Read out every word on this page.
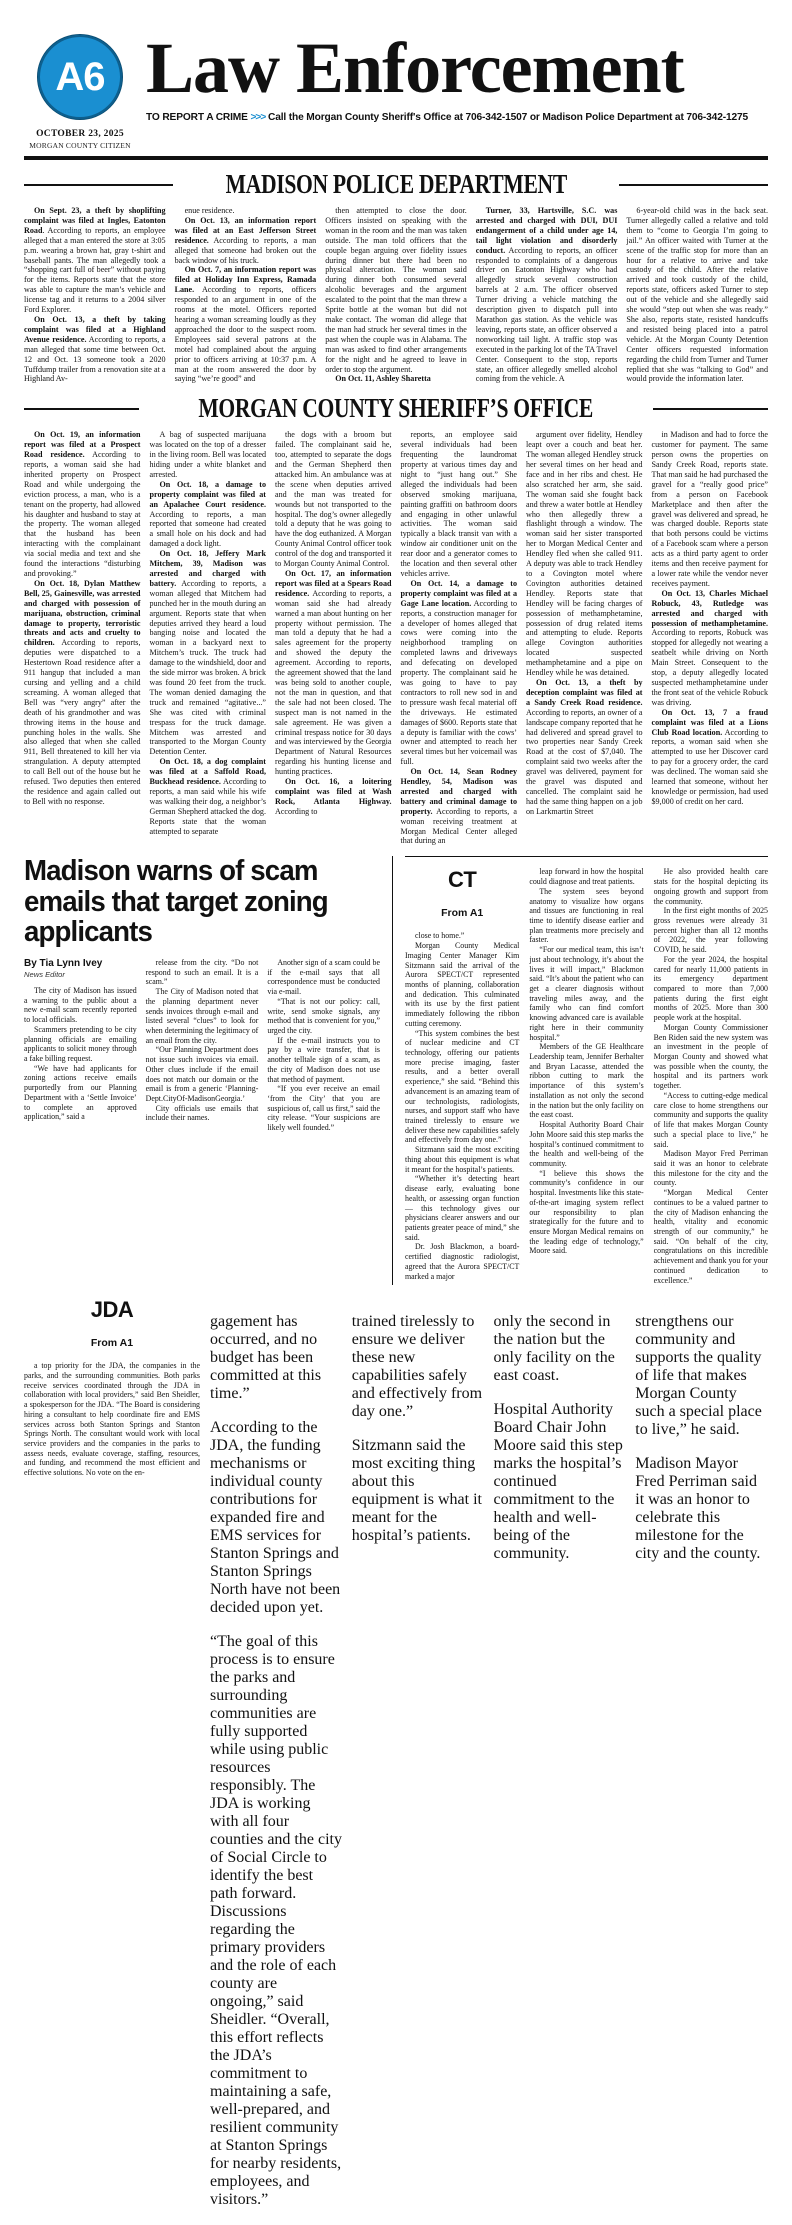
A6
OCTOBER 23, 2025
MORGAN COUNTY CITIZEN
Law Enforcement
TO REPORT A CRIME >>> Call the Morgan County Sheriff's Office at 706-342-1507 or Madison Police Department at 706-342-1275
MADISON POLICE DEPARTMENT

On Sept. 23, a theft by shoplifting complaint was filed at Ingles, Eatonton Road. According to reports, an employee alleged that a man entered the store at 3:05 p.m. wearing a brown hat, gray t-shirt and baseball pants. The man allegedly took a “shopping cart full of beer” without paying for the items. Reports state that the store was able to capture the man’s vehicle and license tag and it returns to a 2004 silver Ford Explorer.

On Oct. 13, a theft by taking complaint was filed at a Highland Avenue residence. According to reports, a man alleged that some time between Oct. 12 and Oct. 13 someone took a 2020 Tuffdump trailer from a renovation site at a Highland Av-

enue residence.

On Oct. 13, an information report was filed at an East Jefferson Street residence. According to reports, a man alleged that someone had broken out the back window of his truck.

On Oct. 7, an information report was filed at Holiday Inn Express, Ramada Lane. According to reports, officers responded to an argument in one of the rooms at the motel. Officers reported hearing a woman screaming loudly as they approached the door to the suspect room. Employees said several patrons at the motel had complained about the arguing prior to officers arriving at 10:37 p.m. A man at the room answered the door by saying “we’re good” and

then attempted to close the door. Officers insisted on speaking with the woman in the room and the man was taken outside. The man told officers that the couple began arguing over fidelity issues during dinner but there had been no physical altercation. The woman said during dinner both consumed several alcoholic beverages and the argument escalated to the point that the man threw a Sprite bottle at the woman but did not make contact. The woman did allege that the man had struck her several times in the past when the couple was in Alabama. The man was asked to find other arrangements for the night and he agreed to leave in order to stop the argument.

On Oct. 11, Ashley Sharetta

Turner, 33, Hartsville, S.C. was arrested and charged with DUI, DUI endangerment of a child under age 14, tail light violation and disorderly conduct. According to reports, an officer responded to complaints of a dangerous driver on Eatonton Highway who had allegedly struck several construction barrels at 2 a.m. The officer observed Turner driving a vehicle matching the description given to dispatch pull into Marathon gas station. As the vehicle was leaving, reports state, an officer observed a nonworking tail light. A traffic stop was executed in the parking lot of the TA Travel Center. Consequent to the stop, reports state, an officer allegedly smelled alcohol coming from the vehicle. A

6-year-old child was in the back seat. Turner allegedly called a relative and told them to “come to Georgia I’m going to jail.” An officer waited with Turner at the scene of the traffic stop for more than an hour for a relative to arrive and take custody of the child. After the relative arrived and took custody of the child, reports state, officers asked Turner to step out of the vehicle and she allegedly said she would “step out when she was ready.” She also, reports state, resisted handcuffs and resisted being placed into a patrol vehicle. At the Morgan County Detention Center officers requested information regarding the child from Turner and Turner replied that she was “talking to God” and would provide the information later.

MORGAN COUNTY SHERIFF’S OFFICE

On Oct. 19, an information report was filed at a Prospect Road residence. According to reports, a woman said she had inherited property on Prospect Road and while undergoing the eviction process, a man, who is a tenant on the property, had allowed his daughter and husband to stay at the property. The woman alleged that the husband has been interacting with the complainant via social media and text and she found the interactions “disturbing and provoking.”

On Oct. 18, Dylan Matthew Bell, 25, Gainesville, was arrested and charged with possession of marijuana, obstruction, criminal damage to property, terroristic threats and acts and cruelty to children. According to reports, deputies were dispatched to a Hestertown Road residence after a 911 hangup that included a man cursing and yelling and a child screaming. A woman alleged that Bell was “very angry” after the death of his grandmother and was throwing items in the house and punching holes in the walls. She also alleged that when she called 911, Bell threatened to kill her via strangulation. A deputy attempted to call Bell out of the house but he refused. Two deputies then entered the residence and again called out to Bell with no response.

A bag of suspected marijuana was located on the top of a dresser in the living room. Bell was located hiding under a white blanket and arrested.

On Oct. 18, a damage to property complaint was filed at an Apalachee Court residence. According to reports, a man reported that someone had created a small hole on his dock and had damaged a dock light.

On Oct. 18, Jeffery Mark Mitchem, 39, Madison was arrested and charged with battery. According to reports, a woman alleged that Mitchem had punched her in the mouth during an argument. Reports state that when deputies arrived they heard a loud banging noise and located the woman in a backyard next to Mitchem’s truck. The truck had damage to the windshield, door and the side mirror was broken. A brick was found 20 feet from the truck. The woman denied damaging the truck and remained “agitative...” She was cited with criminal trespass for the truck damage. Mitchem was arrested and transported to the Morgan County Detention Center.

On Oct. 18, a dog complaint was filed at a Saffold Road, Buckhead residence. According to reports, a man said while his wife was walking their dog, a neighbor’s German Shepherd attacked the dog. Reports state that the woman attempted to separate

the dogs with a broom but failed. The complainant said he, too, attempted to separate the dogs and the German Shepherd then attacked him. An ambulance was at the scene when deputies arrived and the man was treated for wounds but not transported to the hospital. The dog’s owner allegedly told a deputy that he was going to have the dog euthanized. A Morgan County Animal Control officer took control of the dog and transported it to Morgan County Animal Control.

On Oct. 17, an information report was filed at a Spears Road residence. According to reports, a woman said she had already warned a man about hunting on her property without permission. The man told a deputy that he had a sales agreement for the property and showed the deputy the agreement. According to reports, the agreement showed that the land was being sold to another couple, not the man in question, and that the sale had not been closed. The suspect man is not named in the sale agreement. He was given a criminal trespass notice for 30 days and was interviewed by the Georgia Department of Natural Resources regarding his hunting license and hunting practices.

On Oct. 16, a loitering complaint was filed at Wash Rock, Atlanta Highway. According to

reports, an employee said several individuals had been frequenting the laundromat property at various times day and night to “just hang out.” She alleged the individuals had been observed smoking marijuana, painting graffiti on bathroom doors and engaging in other unlawful activities. The woman said typically a black transit van with a window air conditioner unit on the rear door and a generator comes to the location and then several other vehicles arrive.

On Oct. 14, a damage to property complaint was filed at a Gage Lane location. According to reports, a construction manager for a developer of homes alleged that cows were coming into the neighborhood trampling on completed lawns and driveways and defecating on developed property. The complainant said he was going to have to pay contractors to roll new sod in and to pressure wash fecal material off the driveways. He estimated damages of $600. Reports state that a deputy is familiar with the cows’ owner and attempted to reach her several times but her voicemail was full.

On Oct. 14, Sean Rodney Hendley, 54, Madison was arrested and charged with battery and criminal damage to property. According to reports, a woman receiving treatment at Morgan Medical Center alleged that during an

argument over fidelity, Hendley leapt over a couch and beat her. The woman alleged Hendley struck her several times on her head and face and in her ribs and chest. He also scratched her arm, she said. The woman said she fought back and threw a water bottle at Hendley who then allegedly threw a flashlight through a window. The woman said her sister transported her to Morgan Medical Center and Hendley fled when she called 911. A deputy was able to track Hendley to a Covington motel where Covington authorities detained Hendley. Reports state that Hendley will be facing charges of possession of methamphetamine, possession of drug related items and attempting to elude. Reports allege Covington authorities located suspected methamphetamine and a pipe on Hendley while he was detained.

On Oct. 13, a theft by deception complaint was filed at a Sandy Creek Road residence. According to reports, an owner of a landscape company reported that he had delivered and spread gravel to two properties near Sandy Creek Road at the cost of $7,040. The complaint said two weeks after the gravel was delivered, payment for the gravel was disputed and cancelled. The complaint said he had the same thing happen on a job on Larkmartin Street

in Madison and had to force the customer for payment. The same person owns the properties on Sandy Creek Road, reports state. That man said he had purchased the gravel for a “really good price” from a person on Facebook Marketplace and then after the gravel was delivered and spread, he was charged double. Reports state that both persons could be victims of a Facebook scam where a person acts as a third party agent to order items and then receive payment for a lower rate while the vendor never receives payment.

On Oct. 13, Charles Michael Robuck, 43, Rutledge was arrested and charged with possession of methamphetamine. According to reports, Robuck was stopped for allegedly not wearing a seatbelt while driving on North Main Street. Consequent to the stop, a deputy allegedly located suspected methamphetamine under the front seat of the vehicle Robuck was driving.

On Oct. 13, 7 a fraud complaint was filed at a Lions Club Road location. According to reports, a woman said when she attempted to use her Discover card to pay for a grocery order, the card was declined. The woman said she learned that someone, without her knowledge or permission, had used $9,000 of credit on her card.

Madison warns of scam emails that target zoning applicants
By Tia Lynn Ivey
News Editor

The city of Madison has issued a warning to the public about a new e-mail scam recently reported to local officials.

Scammers pretending to be city planning officials are emailing applicants to solicit money through a fake billing request.

“We have had applicants for zoning actions receive emails purportedly from our Planning Department with a ‘Settle Invoice’ to complete an approved application,” said a

release from the city. “Do not respond to such an email. It is a scam.”

The City of Madison noted that the planning department never sends invoices through e-mail and listed several “clues” to look for when determining the legitimacy of an email from the city.

“Our Planning Department does not issue such invoices via email. Other clues include if the email does not match our domain or the email is from a generic ‘Planning-Dept.CityOf-MadisonGeorgia.’

City officials use emails that include their names.

Another sign of a scam could be if the e-mail says that all correspondence must be conducted via e-mail.

“That is not our policy: call, write, send smoke signals, any method that is convenient for you,” urged the city.

If the e-mail instructs you to pay by a wire transfer, that is another telltale sign of a scam, as the city of Madison does not use that method of payment.

“If you ever receive an email ‘from the City’ that you are suspicious of, call us first,” said the city release. “Your suspicions are likely well founded.”

CT
From A1

close to home.”

Morgan County Medical Imaging Center Manager Kim Sitzmann said the arrival of the Aurora SPECT/CT represented months of planning, collaboration and dedication. This culminated with its use by the first patient immediately following the ribbon cutting ceremony.

“This system combines the best of nuclear medicine and CT technology, offering our patients more precise imaging, faster results, and a better overall experience,” she said. “Behind this advancement is an amazing team of our technologists, radiologists, nurses, and support staff who have trained tirelessly to ensure we deliver these new capabilities safely and effectively from day one.”

Sitzmann said the most exciting thing about this equipment is what it meant for the hospital’s patients.

“Whether it’s detecting heart disease early, evaluating bone health, or assessing organ function — this technology gives our physicians clearer answers and our patients greater peace of mind,” she said.

Dr. Josh Blackmon, a board-certified diagnostic radiologist, agreed that the Aurora SPECT/CT marked a major

leap forward in how the hospital could diagnose and treat patients.

The system sees beyond anatomy to visualize how organs and tissues are functioning in real time to identify disease earlier and plan treatments more precisely and faster.

“For our medical team, this isn’t just about technology, it’s about the lives it will impact,” Blackmon said. “It’s about the patient who can get a clearer diagnosis without traveling miles away, and the family who can find comfort knowing advanced care is available right here in their community hospital.”

Members of the GE Healthcare Leadership team, Jennifer Berhalter and Bryan Lacasse, attended the ribbon cutting to mark the importance of this system’s installation as not only the second in the nation but the only facility on the east coast.

Hospital Authority Board Chair John Moore said this step marks the hospital’s continued commitment to the health and well-being of the community.

“I believe this shows the community’s confidence in our hospital. Investments like this state-of-the-art imaging system reflect our responsibility to plan strategically for the future and to ensure Morgan Medical remains on the leading edge of technology,” Moore said.

He also provided health care stats for the hospital depicting its ongoing growth and support from the community.

In the first eight months of 2025 gross revenues were already 31 percent higher than all 12 months of 2022, the year following COVID, he said.

For the year 2024, the hospital cared for nearly 11,000 patients in its emergency department compared to more than 7,000 patients during the first eight months of 2025. More than 300 people work at the hospital.

Morgan County Commissioner Ben Riden said the new system was an investment in the people of Morgan County and showed what was possible when the county, the hospital and its partners work together.

“Access to cutting-edge medical care close to home strengthens our community and supports the quality of life that makes Morgan County such a special place to live,” he said.

Madison Mayor Fred Perriman said it was an honor to celebrate this milestone for the city and the county.

“Morgan Medical Center continues to be a valued partner to the city of Madison enhancing the health, vitality and economic strength of our community,” he said. “On behalf of the city, congratulations on this incredible achievement and thank you for your continued dedication to excellence.”

JDA
From A1

a top priority for the JDA, the companies in the parks, and the surrounding communities. Both parks receive services coordinated through the JDA in collaboration with local providers,” said Ben Sheidler, a spokesperson for the JDA. “The Board is considering hiring a consultant to help coordinate fire and EMS services across both Stanton Springs and Stanton Springs North. The consultant would work with local service providers and the companies in the parks to assess needs, evaluate coverage, staffing, resources, and funding, and recommend the most efficient and effective solutions. No vote on the en-

gagement has occurred, and no budget has been committed at this time.”

According to the JDA, the funding mechanisms or individual county contributions for expanded fire and EMS services for Stanton Springs and Stanton Springs North have not been decided upon yet.

“The goal of this process is to ensure the parks and surrounding communities are fully supported while using public resources responsibly. The JDA is working with all four counties and the city of Social Circle to identify the best path forward. Discussions regarding the primary providers and the role of each county are ongoing,” said Sheidler. “Overall, this effort reflects the JDA’s commitment to maintaining a safe, well-prepared, and resilient community at Stanton Springs for nearby residents, employees, and visitors.”

trained tirelessly to ensure we deliver these new capabilities safely and effectively from day one.”

Sitzmann said the most exciting thing about this equipment is what it meant for the hospital’s patients.

only the second in the nation but the only facility on the east coast.

Hospital Authority Board Chair John Moore said this step marks the hospital’s continued commitment to the health and well-being of the community.

strengthens our community and supports the quality of life that makes Morgan County such a special place to live,” he said.

Madison Mayor Fred Perriman said it was an honor to celebrate this milestone for the city and the county.
